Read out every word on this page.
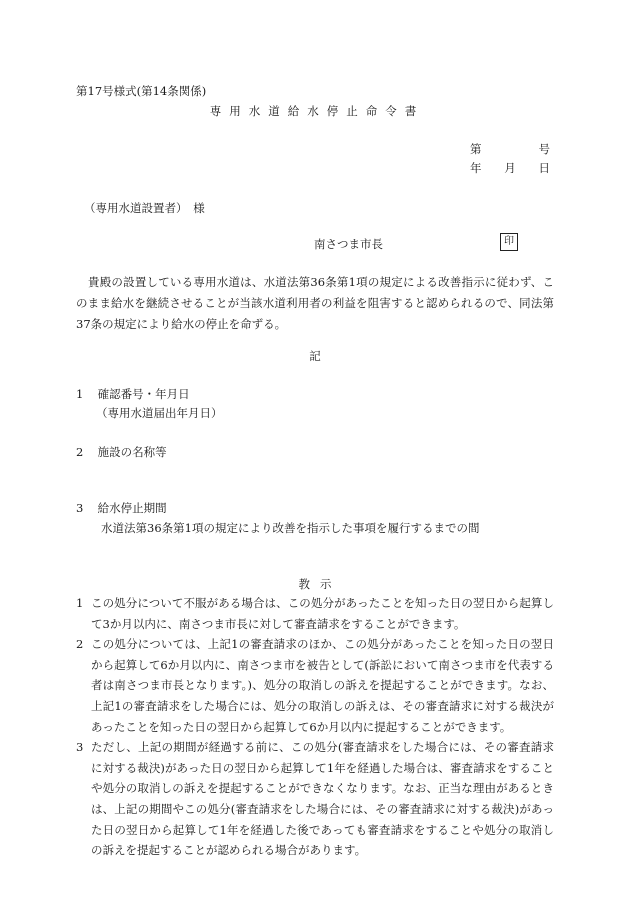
第17号様式(第14条関係)
専用水道給水停止命令書
第	号
年 月 日
（専用水道設置者）　様
南さつま市長	印
貴殿の設置している専用水道は、水道法第36条第1項の規定による改善指示に従わず、このまま給水を継続させることが当該水道利用者の利益を阻害すると認められるので、同法第37条の規定により給水の停止を命ずる。
記
1 確認番号・年月日
（専用水道届出年月日）
2 施設の名称等
3 給水停止期間
水道法第36条第1項の規定により改善を指示した事項を履行するまでの間
教示
1 この処分について不服がある場合は、この処分があったことを知った日の翌日から起算して3か月以内に、南さつま市長に対して審査請求をすることができます。
2 この処分については、上記1の審査請求のほか、この処分があったことを知った日の翌日から起算して6か月以内に、南さつま市を被告として(訴訟において南さつま市を代表する者は南さつま市長となります。)、処分の取消しの訴えを提起することができます。なお、上記1の審査請求をした場合には、処分の取消しの訴えは、その審査請求に対する裁決があったことを知った日の翌日から起算して6か月以内に提起することができます。
3 ただし、上記の期間が経過する前に、この処分(審査請求をした場合には、その審査請求に対する裁決)があった日の翌日から起算して1年を経過した場合は、審査請求をすることや処分の取消しの訴えを提起することができなくなります。なお、正当な理由があるときは、上記の期間やこの処分(審査請求をした場合には、その審査請求に対する裁決)があった日の翌日から起算して1年を経過した後であっても審査請求をすることや処分の取消しの訴えを提起することが認められる場合があります。
